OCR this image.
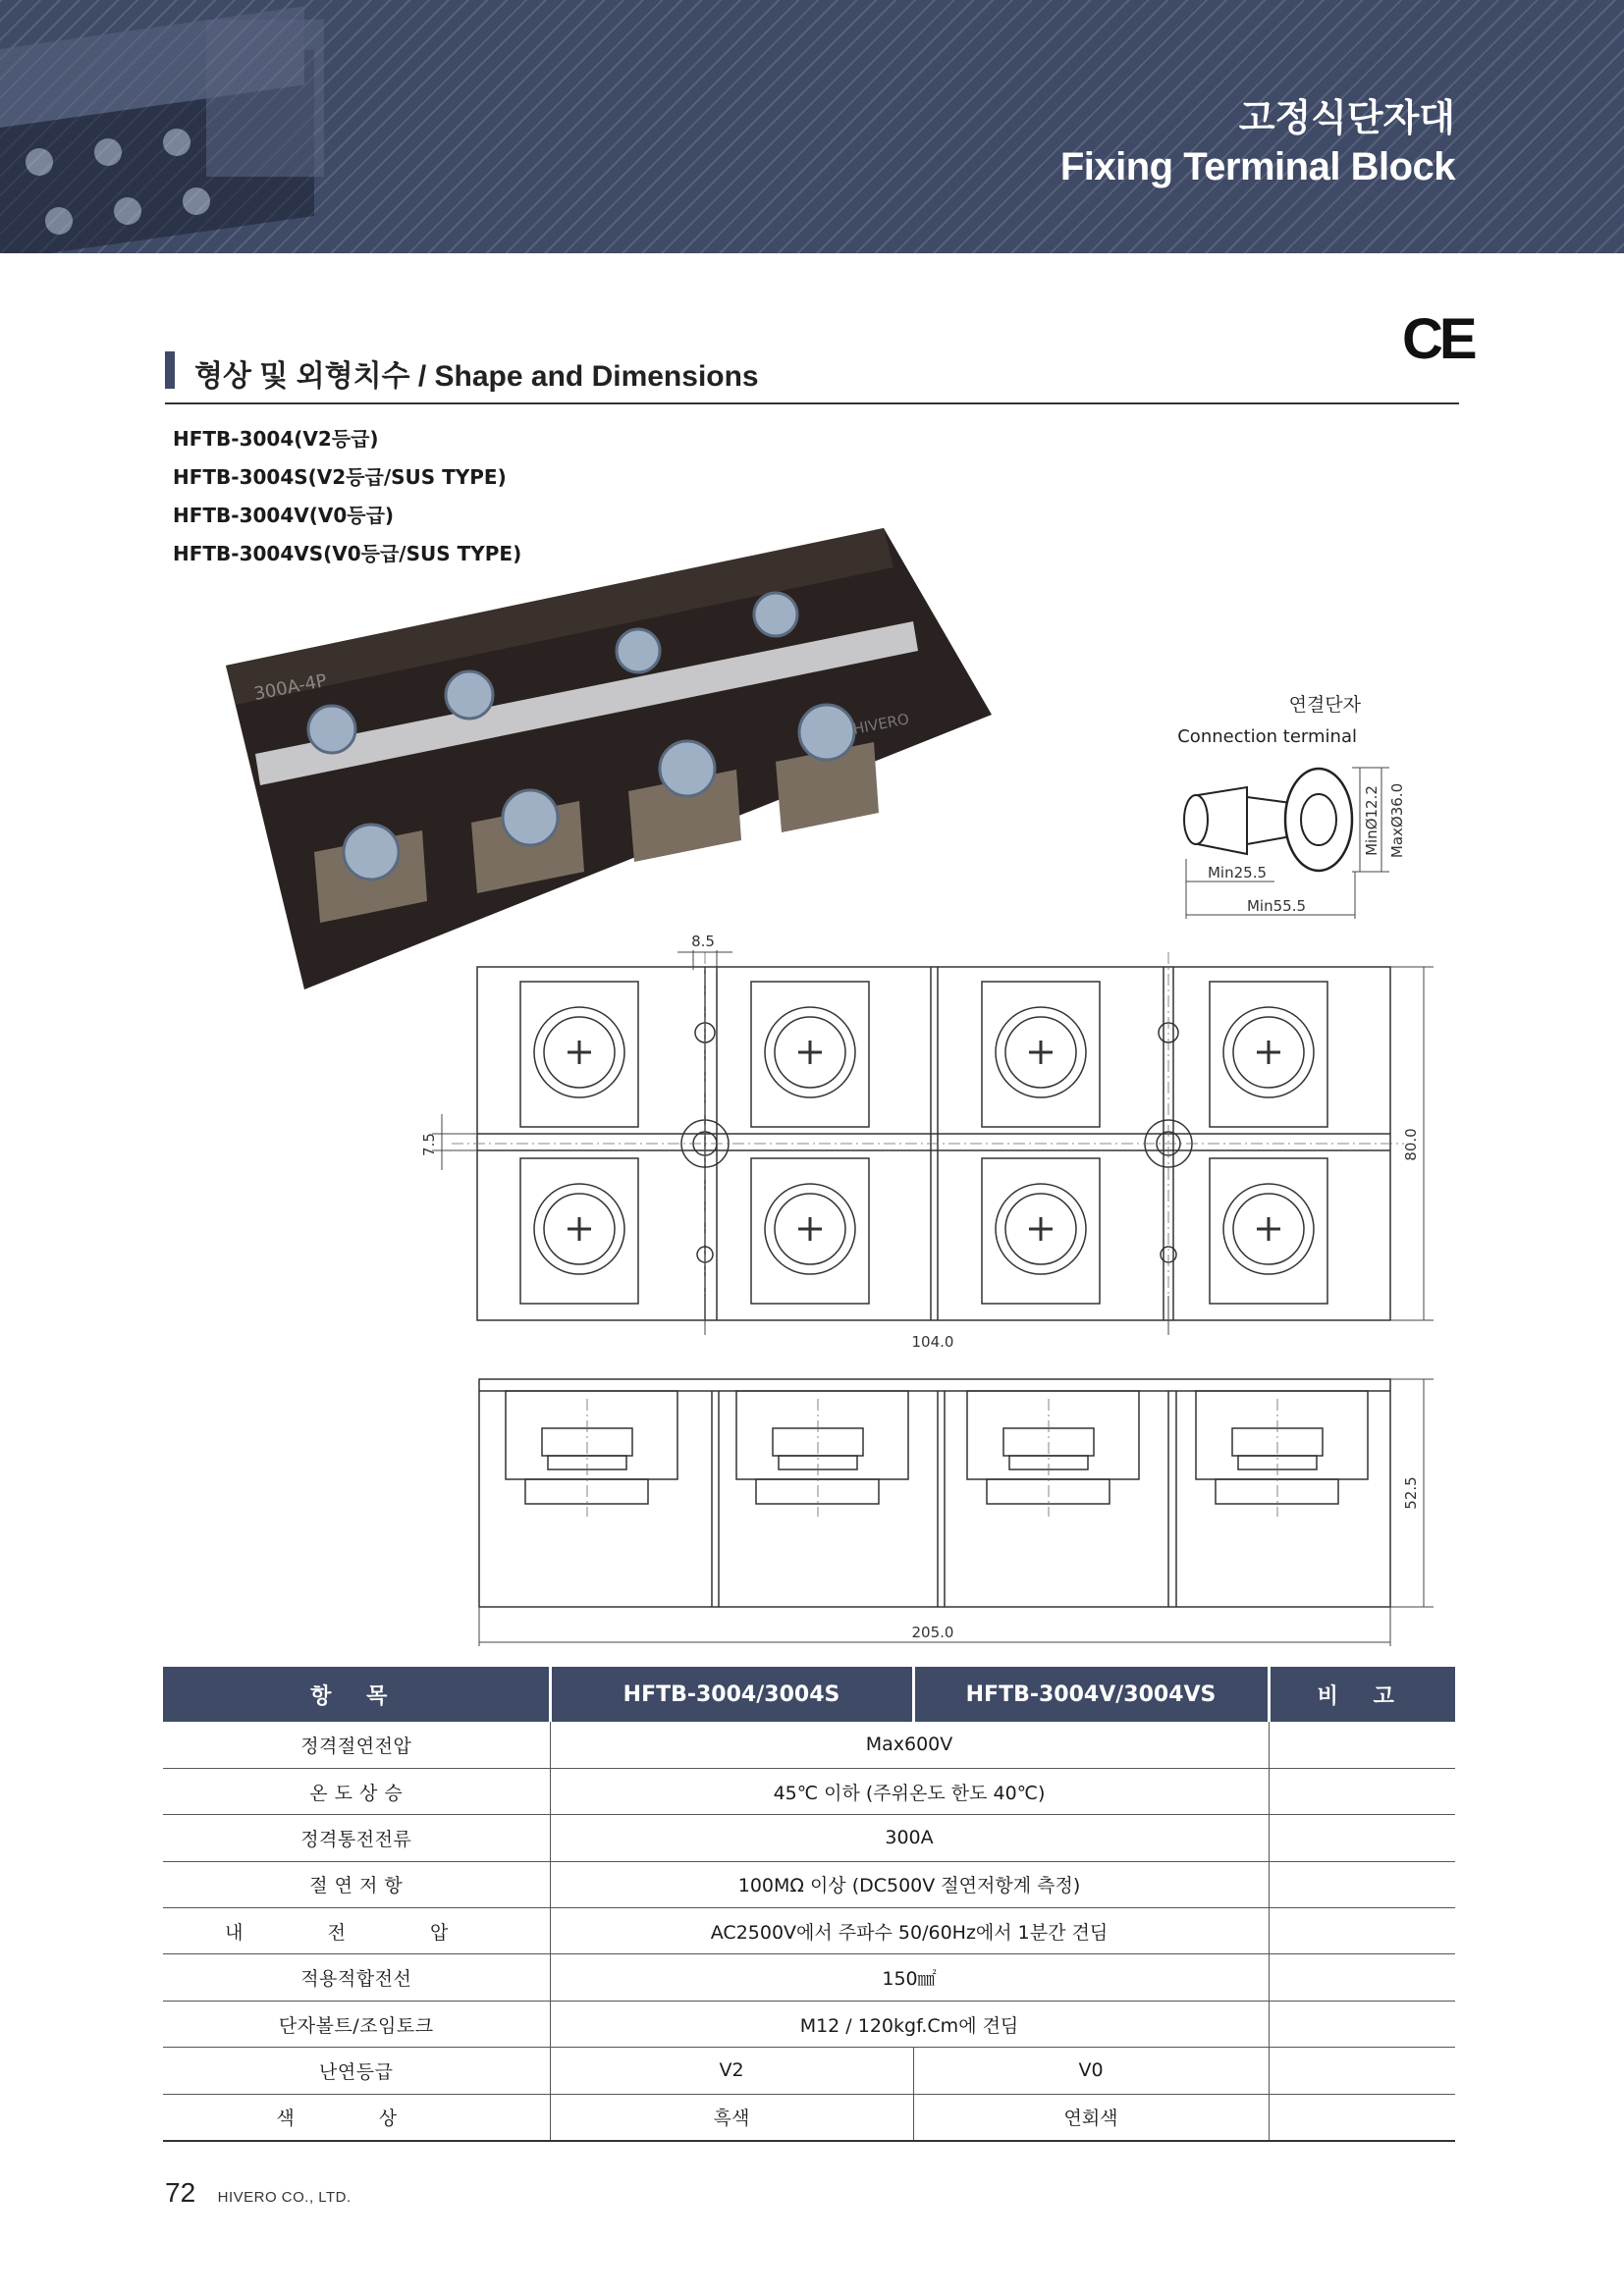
고정식단자대
Fixing Terminal Block
CE
형상 및 외형치수 / Shape and Dimensions
HFTB-3004(V2등급)
HFTB-3004S(V2등급/SUS TYPE)
HFTB-3004V(V0등급)
HFTB-3004VS(V0등급/SUS TYPE)
300A-4P
HIVERO
연결단자
Connection terminal
MinØ12.2 MaxØ36.0
Min25.5
Min55.5
8.5
7.5	80.0
104.0
52.5
205.0
항 목	HFTB-3004/3004S	HFTB-3004V/3004VS	비 고
정격절연전압	Max600V		
온 도 상 승	45℃ 이하 (주위온도 한도 40℃)		
정격통전전류	300A		
절 연 저 항	100MΩ 이상 (DC500V 절연저항계 측정)		
내 전 압	AC2500V에서 주파수 50/60Hz에서 1분간 견딤		
적용적합전선	150㎟		
단자볼트/조임토크	M12 / 120kgf.Cm에 견딤		
난연등급	V2	V0	
색 상	흑색	연회색	
72 HIVERO CO., LTD.
